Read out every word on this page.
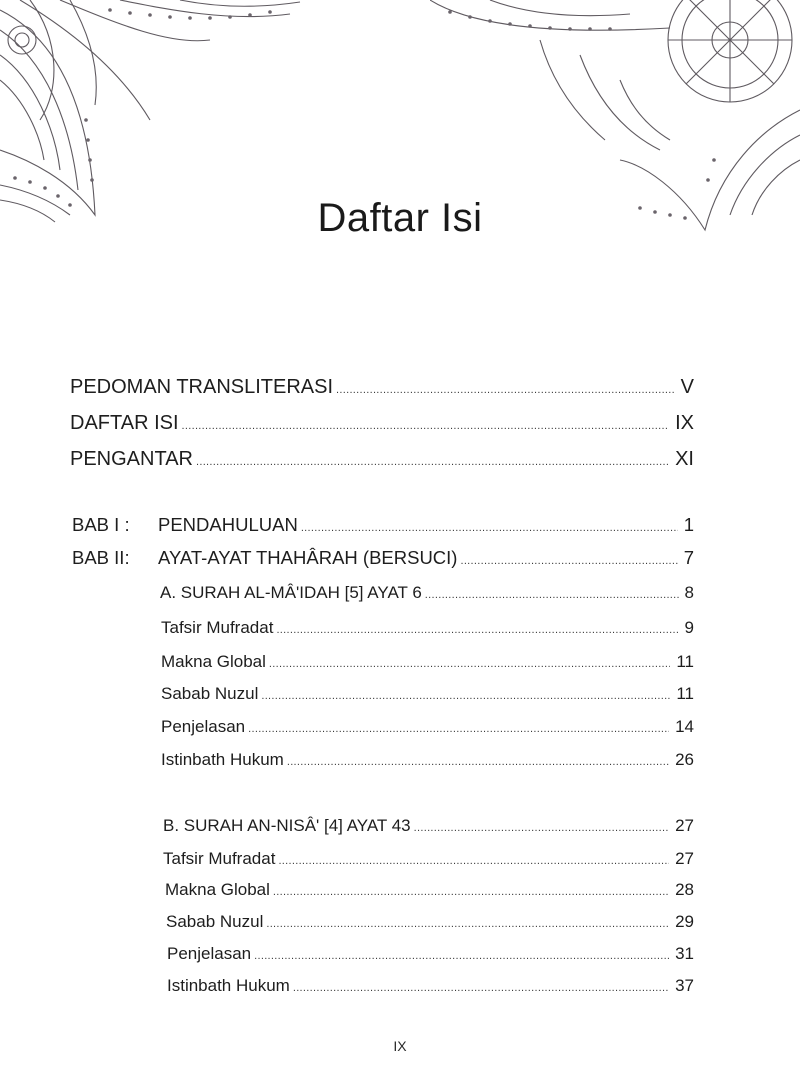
Daftar Isi
PEDOMAN TRANSLITERASI .....	V
DAFTAR ISI .....	IX
PENGANTAR .....	XI
BAB I :	PENDAHULUAN .....	1
BAB II:	AYAT-AYAT THAHÂRAH (BERSUCI) .....	7
A. SURAH AL-MÂ'IDAH [5] AYAT 6 .....	8
Tafsir Mufradat .....	9
Makna Global .....	11
Sabab Nuzul .....	11
Penjelasan .....	14
Istinbath Hukum .....	26
B. SURAH AN-NISÂ' [4] AYAT 43 .....	27
Tafsir Mufradat .....	27
Makna Global .....	28
Sabab Nuzul .....	29
Penjelasan .....	31
Istinbath Hukum .....	37
IX
